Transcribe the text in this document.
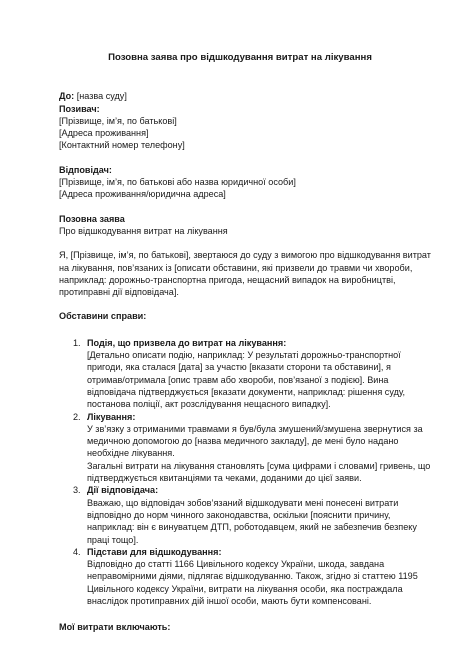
Позовна заява про відшкодування витрат на лікування
До: [назва суду]
Позивач:
[Прізвище, ім’я, по батькові]
[Адреса проживання]
[Контактний номер телефону]
Відповідач:
[Прізвище, ім’я, по батькові або назва юридичної особи]
[Адреса проживання/юридична адреса]
Позовна заява
Про відшкодування витрат на лікування
Я, [Прізвище, ім’я, по батькові], звертаюся до суду з вимогою про відшкодування витрат
на лікування, пов’язаних із [описати обставини, які призвели до травми чи хвороби,
наприклад: дорожньо-транспортна пригода, нещасний випадок на виробництві,
протиправні дії відповідача].
Обставини справи:
1. Подія, що призвела до витрат на лікування:
[Детально описати подію, наприклад: У результаті дорожньо-транспортної
пригоди, яка сталася [дата] за участю [вказати сторони та обставини], я
отримав/отримала [опис травм або хвороби, пов’язаної з подією]. Вина
відповідача підтверджується [вказати документи, наприклад: рішення суду,
постанова поліції, акт розслідування нещасного випадку].
2. Лікування:
У зв’язку з отриманими травмами я був/була змушений/змушена звернутися за
медичною допомогою до [назва медичного закладу], де мені було надано
необхідне лікування.
Загальні витрати на лікування становлять [сума цифрами і словами] гривень, що
підтверджується квитанціями та чеками, доданими до цієї заяви.
3. Дії відповідача:
Вважаю, що відповідач зобов’язаний відшкодувати мені понесені витрати
відповідно до норм чинного законодавства, оскільки [пояснити причину,
наприклад: він є винуватцем ДТП, роботодавцем, який не забезпечив безпеку
праці тощо].
4. Підстави для відшкодування:
Відповідно до статті 1166 Цивільного кодексу України, шкода, завдана
неправомірними діями, підлягає відшкодуванню. Також, згідно зі статтею 1195
Цивільного кодексу України, витрати на лікування особи, яка постраждала
внаслідок протиправних дій іншої особи, мають бути компенсовані.
Мої витрати включають:
